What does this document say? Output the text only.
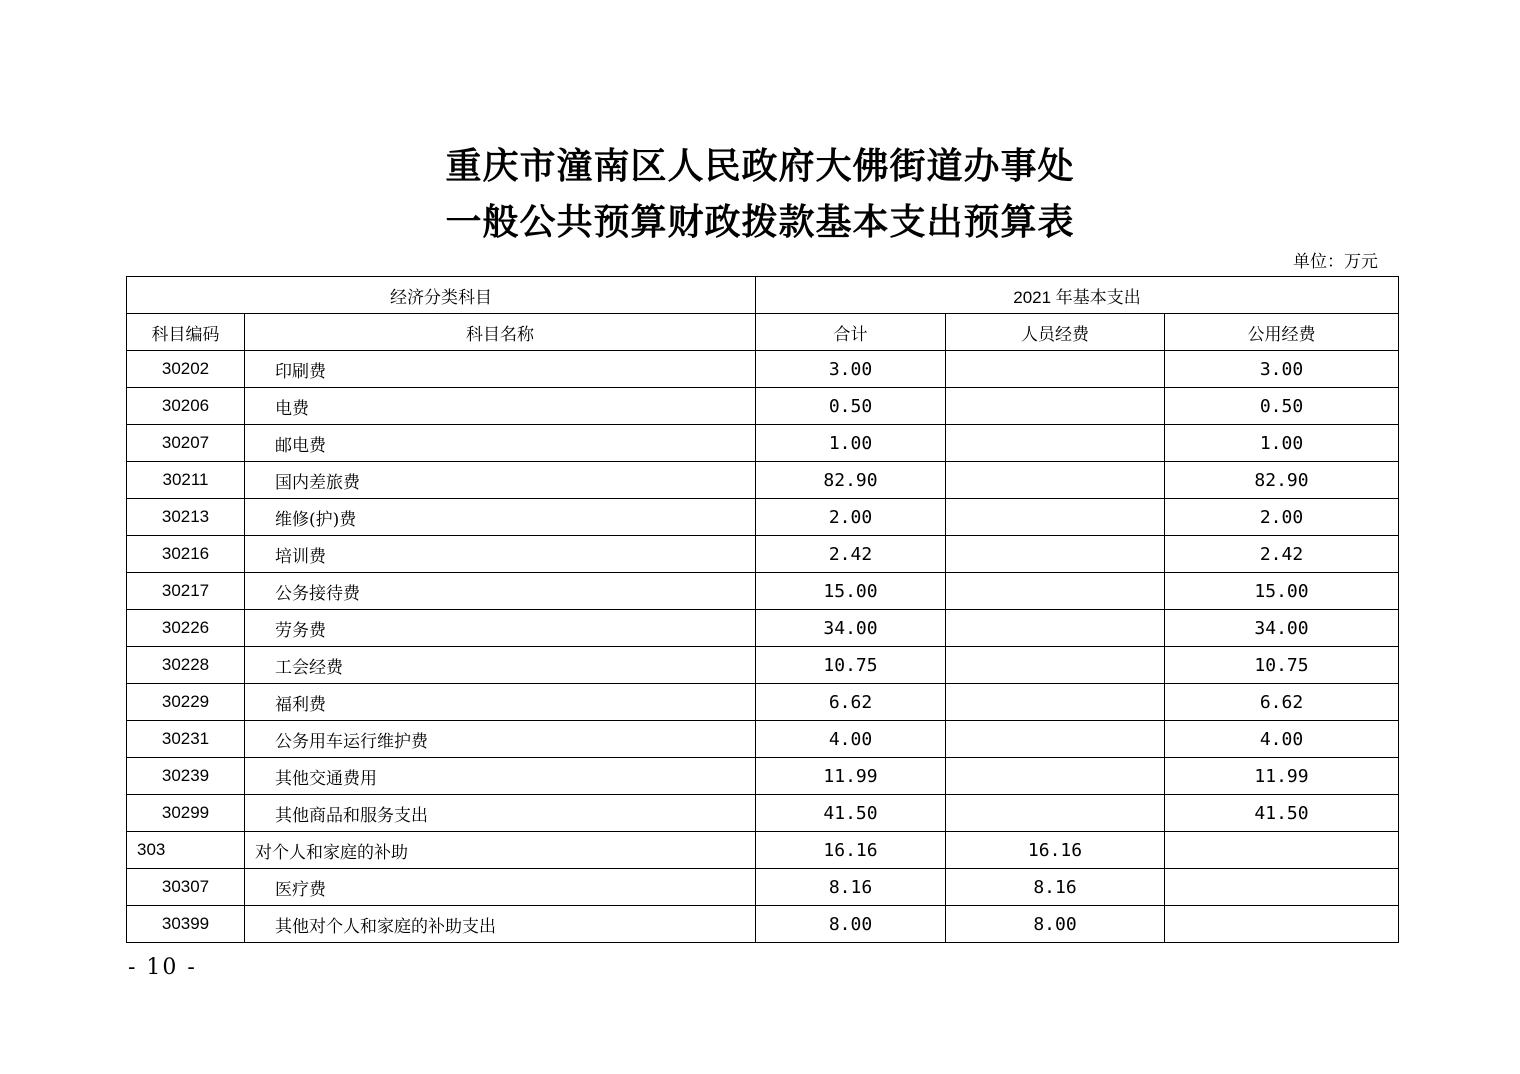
重庆市潼南区人民政府大佛街道办事处
一般公共预算财政拨款基本支出预算表
单位：万元
经济分类科目		2021 年基本支出		
科目编码	科目名称	合计	人员经费	公用经费
30202	印刷费	3.00		3.00
30206	电费	0.50		0.50
30207	邮电费	1.00		1.00
30211	国内差旅费	82.90		82.90
30213	维修(护)费	2.00		2.00
30216	培训费	2.42		2.42
30217	公务接待费	15.00		15.00
30226	劳务费	34.00		34.00
30228	工会经费	10.75		10.75
30229	福利费	6.62		6.62
30231	公务用车运行维护费	4.00		4.00
30239	其他交通费用	11.99		11.99
30299	其他商品和服务支出	41.50		41.50
303	对个人和家庭的补助	16.16	16.16	
30307	医疗费	8.16	8.16	
30399	其他对个人和家庭的补助支出	8.00	8.00	
- 10 -
